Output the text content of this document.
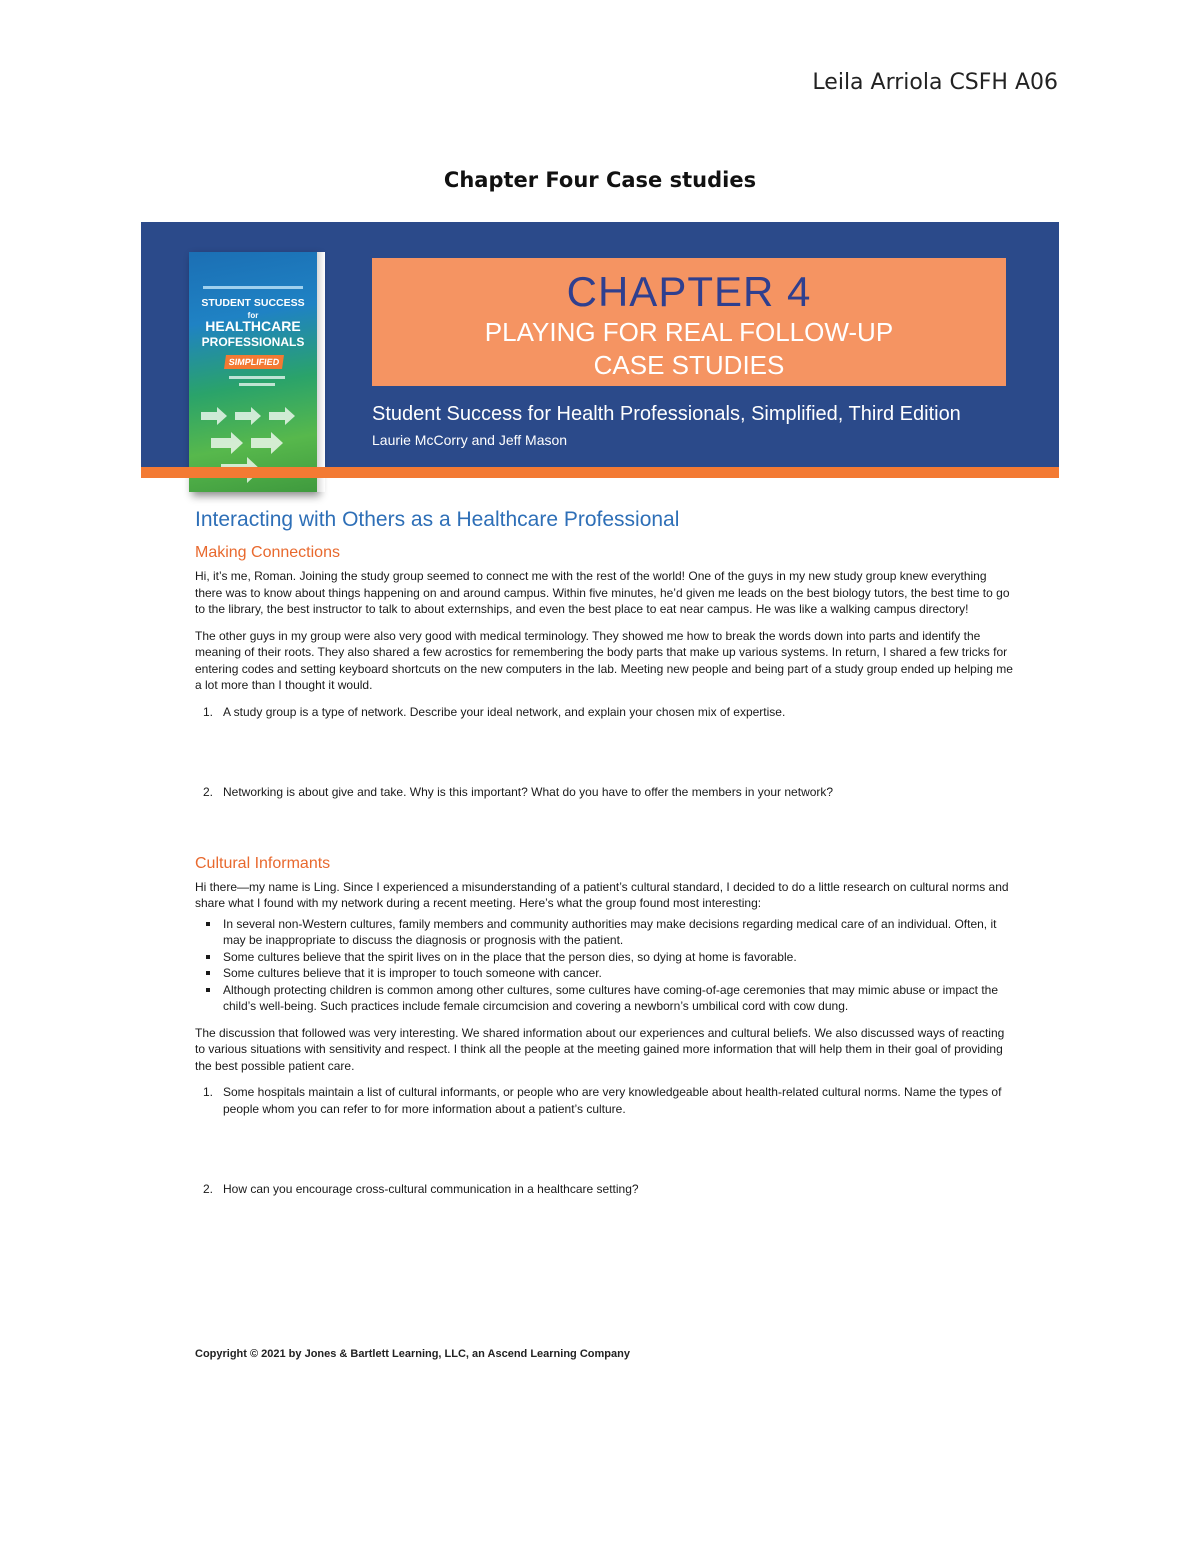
Leila Arriola CSFH A06
Chapter Four Case studies
STUDENT SUCCESS
for
HEALTHCARE
PROFESSIONALS
SIMPLIFIED
CHAPTER 4
PLAYING FOR REAL FOLLOW-UP
CASE STUDIES
Student Success for Health Professionals, Simplified, Third Edition
Laurie McCorry and Jeff Mason
Interacting with Others as a Healthcare Professional
Making Connections

Hi, it’s me, Roman. Joining the study group seemed to connect me with the rest of the world! One of the guys in my new study group knew everything there was to know about things happening on and around campus. Within five minutes, he’d given me leads on the best biology tutors, the best time to go to the library, the best instructor to talk to about externships, and even the best place to eat near campus. He was like a walking campus directory!

The other guys in my group were also very good with medical terminology. They showed me how to break the words down into parts and identify the meaning of their roots. They also shared a few acrostics for remembering the body parts that make up various systems. In return, I shared a few tricks for entering codes and setting keyboard shortcuts on the new computers in the lab. Meeting new people and being part of a study group ended up helping me a lot more than I thought it would.

1. A study group is a type of network. Describe your ideal network, and explain your chosen mix of expertise.
2. Networking is about give and take. Why is this important? What do you have to offer the members in your network?
Cultural Informants

Hi there—my name is Ling. Since I experienced a misunderstanding of a patient’s cultural standard, I decided to do a little research on cultural norms and share what I found with my network during a recent meeting. Here’s what the group found most interesting:

In several non-Western cultures, family members and community authorities may make decisions regarding medical care of an individual. Often, it may be inappropriate to discuss the diagnosis or prognosis with the patient.
Some cultures believe that the spirit lives on in the place that the person dies, so dying at home is favorable.
Some cultures believe that it is improper to touch someone with cancer.
Although protecting children is common among other cultures, some cultures have coming-of-age ceremonies that may mimic abuse or impact the child’s well-being. Such practices include female circumcision and covering a newborn’s umbilical cord with cow dung.

The discussion that followed was very interesting. We shared information about our experiences and cultural beliefs. We also discussed ways of reacting to various situations with sensitivity and respect. I think all the people at the meeting gained more information that will help them in their goal of providing the best possible patient care.

1. Some hospitals maintain a list of cultural informants, or people who are very knowledgeable about health-related cultural norms. Name the types of people whom you can refer to for more information about a patient’s culture.
2. How can you encourage cross-cultural communication in a healthcare setting?
Copyright © 2021 by Jones & Bartlett Learning, LLC, an Ascend Learning Company
